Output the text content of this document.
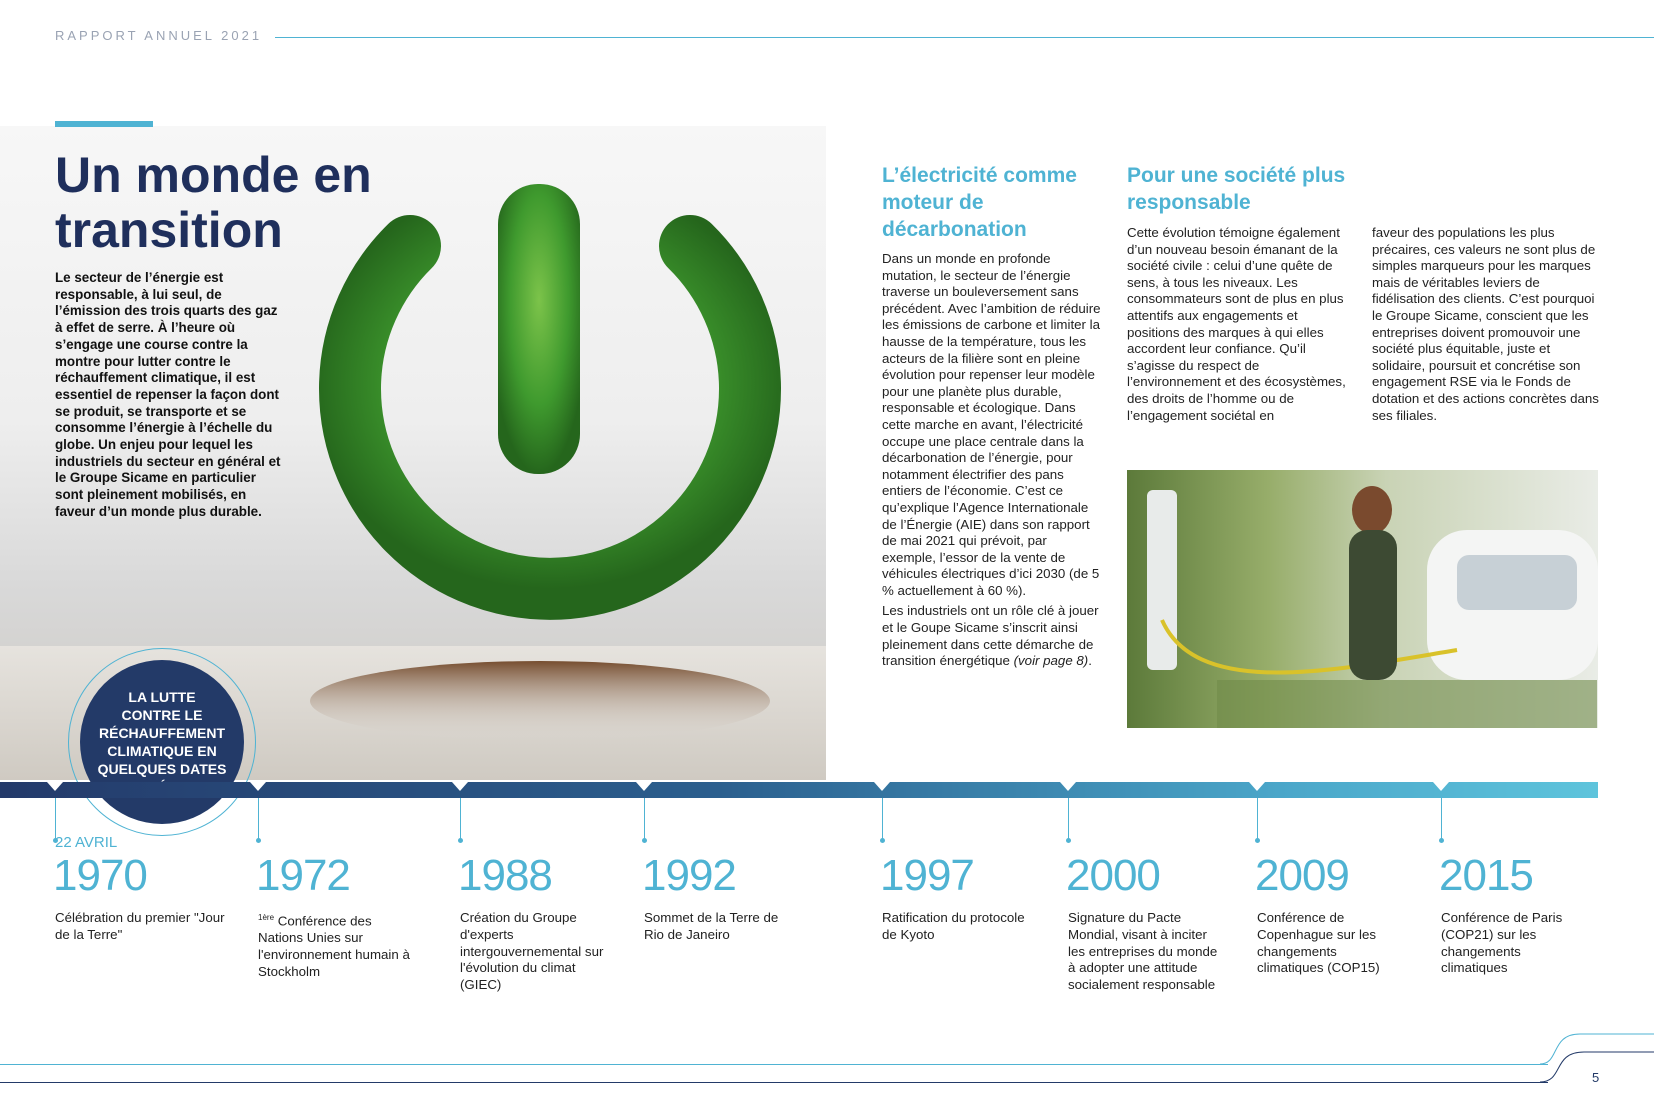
RAPPORT ANNUEL 2021
Un monde en transition
Le secteur de l’énergie est responsable, à lui seul, de l’émission des trois quarts des gaz à effet de serre. À l’heure où s’engage une course contre la montre pour lutter contre le réchauffement climatique, il est essentiel de repenser la façon dont se produit, se transporte et se consomme l’énergie à l’échelle du globe. Un enjeu pour lequel les industriels du secteur en général et le Groupe Sicame en particulier sont pleinement mobilisés, en faveur d’un monde plus durable.
LA LUTTE CONTRE LE RÉCHAUFFEMENT CLIMATIQUE EN QUELQUES DATES
L’électricité comme moteur de décarbonation

Dans un monde en profonde mutation, le secteur de l’énergie traverse un bouleversement sans précédent. Avec l’ambition de réduire les émissions de carbone et limiter la hausse de la température, tous les acteurs de la filière sont en pleine évolution pour repenser leur modèle pour une planète plus durable, responsable et écologique. Dans cette marche en avant, l’électricité occupe une place centrale dans la décarbonation de l’énergie, pour notamment électrifier des pans entiers de l’économie. C’est ce qu’explique l’Agence Internationale de l’Énergie (AIE) dans son rapport de mai 2021 qui prévoit, par exemple, l’essor de la vente de véhicules électriques d’ici 2030 (de 5 % actuellement à 60 %).

Les industriels ont un rôle clé à jouer et le Goupe Sicame s’inscrit ainsi pleinement dans cette démarche de transition énergétique (voir page 8).

Pour une société plus responsable
Cette évolution témoigne également d’un nouveau besoin émanant de la société civile : celui d’une quête de sens, à tous les niveaux. Les consommateurs sont de plus en plus attentifs aux engagements et positions des marques à qui elles accordent leur confiance. Qu’il s’agisse du respect de l’environnement et des écosystèmes, des droits de l’homme ou de l’engagement sociétal en
faveur des populations les plus précaires, ces valeurs ne sont plus de simples marqueurs pour les marques mais de véritables leviers de fidélisation des clients. C’est pourquoi le Groupe Sicame, conscient que les entreprises doivent promouvoir une société plus équitable, juste et solidaire, poursuit et concrétise son engagement RSE via le Fonds de dotation et des actions concrètes dans ses filiales.
22 AVRIL
1970
Célébration du premier "Jour de la Terre"
1972
$^{1ère}$ Conférence des Nations Unies sur l'environnement humain à Stockholm
1988
Création du Groupe d'experts intergouvernemental sur l'évolution du climat (GIEC)
1992
Sommet de la Terre de Rio de Janeiro
1997
Ratification du protocole de Kyoto
2000
Signature du Pacte Mondial, visant à inciter les entreprises du monde à adopter une attitude socialement responsable
2009
Conférence de Copenhague sur les changements climatiques (COP15)
2015
Conférence de Paris (COP21) sur les changements climatiques
5
